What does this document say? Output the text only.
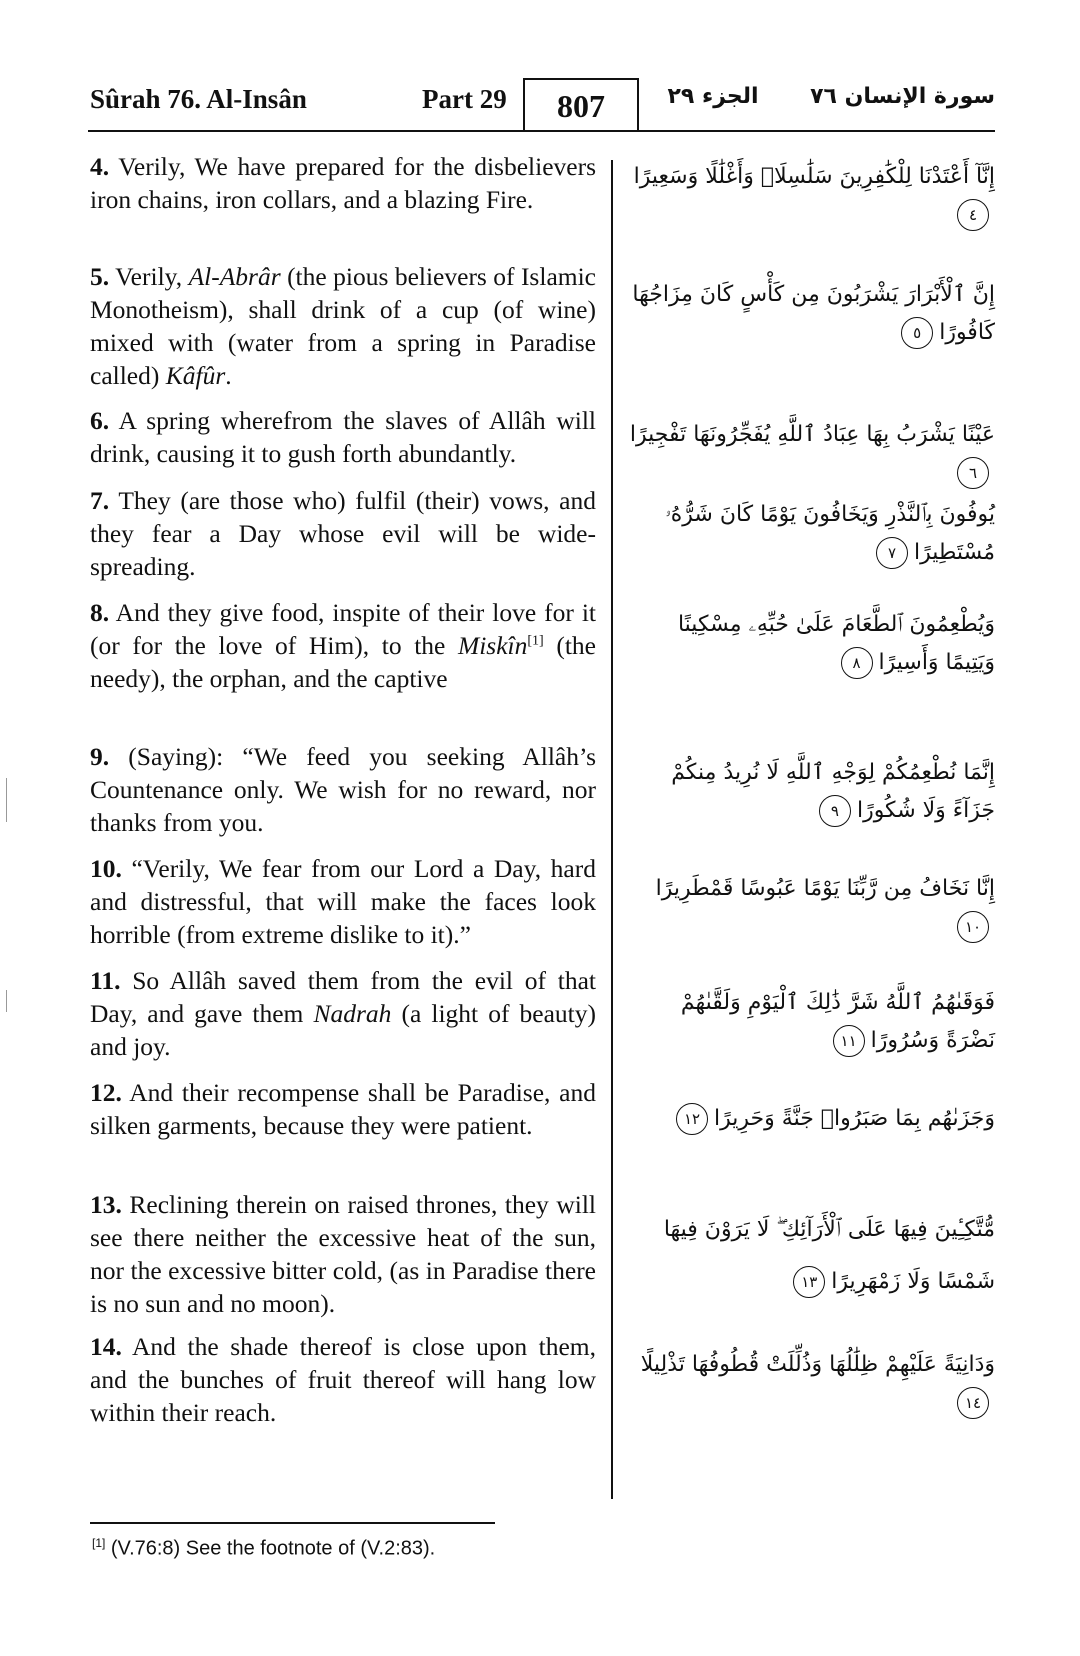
Sûrah 76. Al-Insân	Part 29	807	الجزء ٢٩	سورة الإنسان ٧٦

4. Verily, We have prepared for the disbelievers iron chains, iron collars, and a blazing Fire.

إِنَّآ أَعْتَدْنَا لِلْكَٰفِرِينَ سَلَٰسِلَا۟ وَأَغْلَٰلًا وَسَعِيرًا٤

5. Verily, Al-Abrâr (the pious believers of Islamic Monotheism), shall drink of a cup (of wine) mixed with (water from a spring in Paradise called) Kâfûr.

إِنَّ ٱلْأَبْرَارَ يَشْرَبُونَ مِن كَأْسٍ كَانَ مِزَاجُهَا كَافُورًا٥

6. A spring wherefrom the slaves of Allâh will drink, causing it to gush forth abundantly.

عَيْنًا يَشْرَبُ بِهَا عِبَادُ ٱللَّهِ يُفَجِّرُونَهَا تَفْجِيرًا٦

7. They (are those who) fulfil (their) vows, and they fear a Day whose evil will be wide-spreading.

يُوفُونَ بِٱلنَّذْرِ وَيَخَافُونَ يَوْمًا كَانَ شَرُّهُۥ مُسْتَطِيرًا٧

8. And they give food, inspite of their love for it (or for the love of Him), to the Miskîn[1] (the needy), the orphan, and the captive

وَيُطْعِمُونَ ٱلطَّعَامَ عَلَىٰ حُبِّهِۦ مِسْكِينًا وَيَتِيمًا وَأَسِيرًا٨

9. (Saying): “We feed you seeking Allâh’s Countenance only. We wish for no reward, nor thanks from you.

إِنَّمَا نُطْعِمُكُمْ لِوَجْهِ ٱللَّهِ لَا نُرِيدُ مِنكُمْ جَزَآءً وَلَا شُكُورًا٩

10. “Verily, We fear from our Lord a Day, hard and distressful, that will make the faces look horrible (from extreme dislike to it).”

إِنَّا نَخَافُ مِن رَّبِّنَا يَوْمًا عَبُوسًا قَمْطَرِيرًا١٠

11. So Allâh saved them from the evil of that Day, and gave them Nadrah (a light of beauty) and joy.

فَوَقَىٰهُمُ ٱللَّهُ شَرَّ ذَٰلِكَ ٱلْيَوْمِ وَلَقَّىٰهُمْ نَضْرَةً وَسُرُورًا١١

12. And their recompense shall be Paradise, and silken garments, because they were patient.	وَجَزَىٰهُم بِمَا صَبَرُوا۟ جَنَّةً وَحَرِيرًا١٢

13. Reclining therein on raised thrones, they will see there neither the excessive heat of the sun, nor the excessive bitter cold, (as in Paradise there is no sun and no moon).

مُّتَّكِـِٔينَ فِيهَا عَلَى ٱلْأَرَآئِكِ ۖ لَا يَرَوْنَ فِيهَا شَمْسًا وَلَا زَمْهَرِيرًا١٣

14. And the shade thereof is close upon them, and the bunches of fruit thereof will hang low within their reach.

وَدَانِيَةً عَلَيْهِمْ ظِلَٰلُهَا وَذُلِّلَتْ قُطُوفُهَا تَذْلِيلًا١٤
[1] (V.76:8) See the footnote of (V.2:83).
